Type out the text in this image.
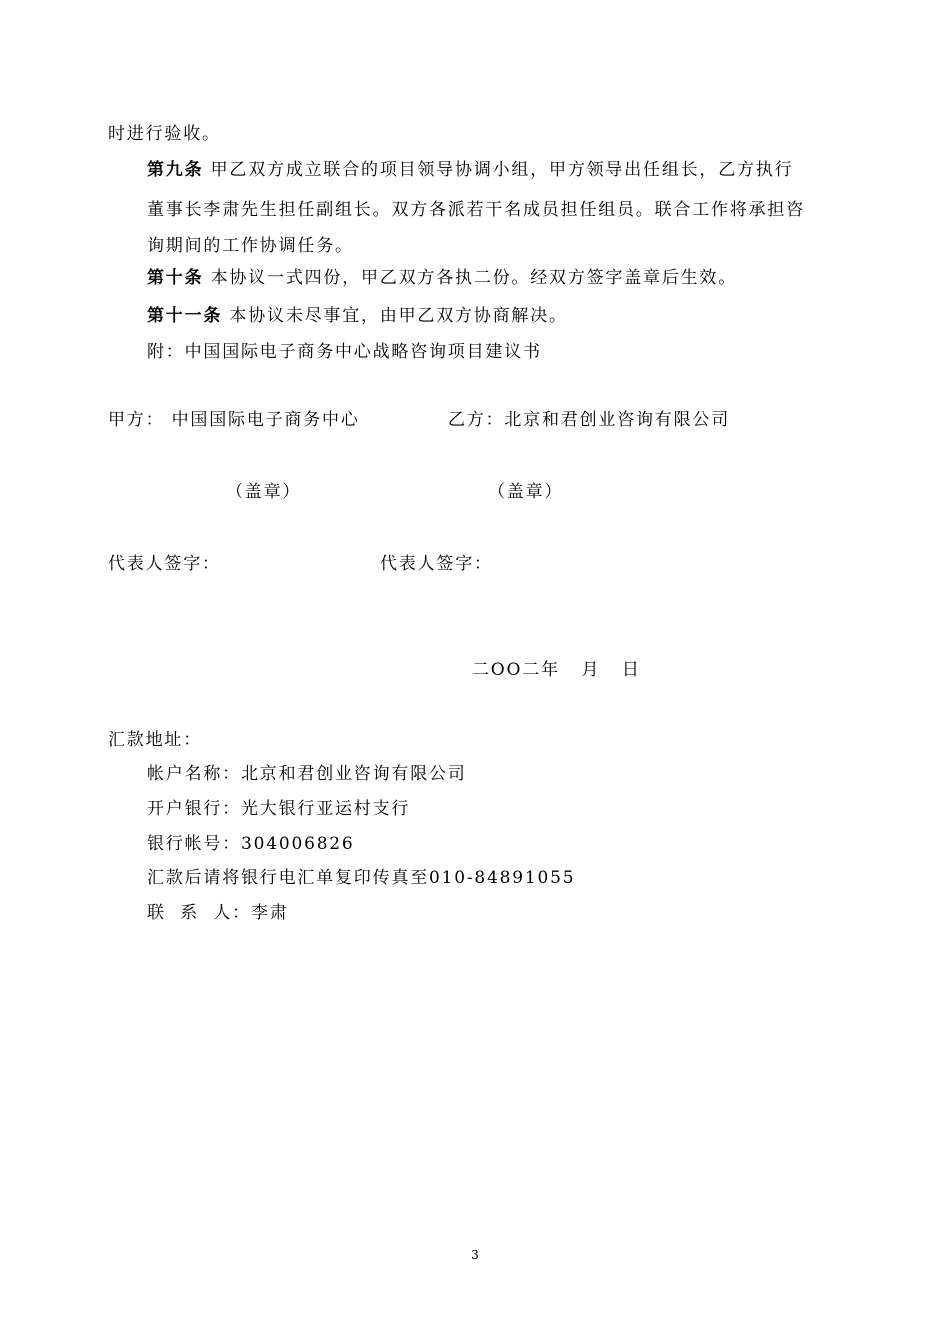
时进行验收。
第九条 甲乙双方成立联合的项目领导协调小组，甲方领导出任组长，乙方执行
董事长李肃先生担任副组长。双方各派若干名成员担任组员。联合工作将承担咨
询期间的工作协调任务。
第十条 本协议一式四份，甲乙双方各执二份。经双方签字盖章后生效。
第十一条 本协议未尽事宜，由甲乙双方协商解决。
附：中国国际电子商务中心战略咨询项目建议书
甲方： 中国国际电子商务中心	乙方：北京和君创业咨询有限公司
（盖章）	（盖章）
代表人签字：	代表人签字：
二OO二年   月   日
汇款地址：
帐户名称：北京和君创业咨询有限公司
开户银行：光大银行亚运村支行
银行帐号：304006826
汇款后请将银行电汇单复印传真至010-84891055
联  系  人：李肃
3
